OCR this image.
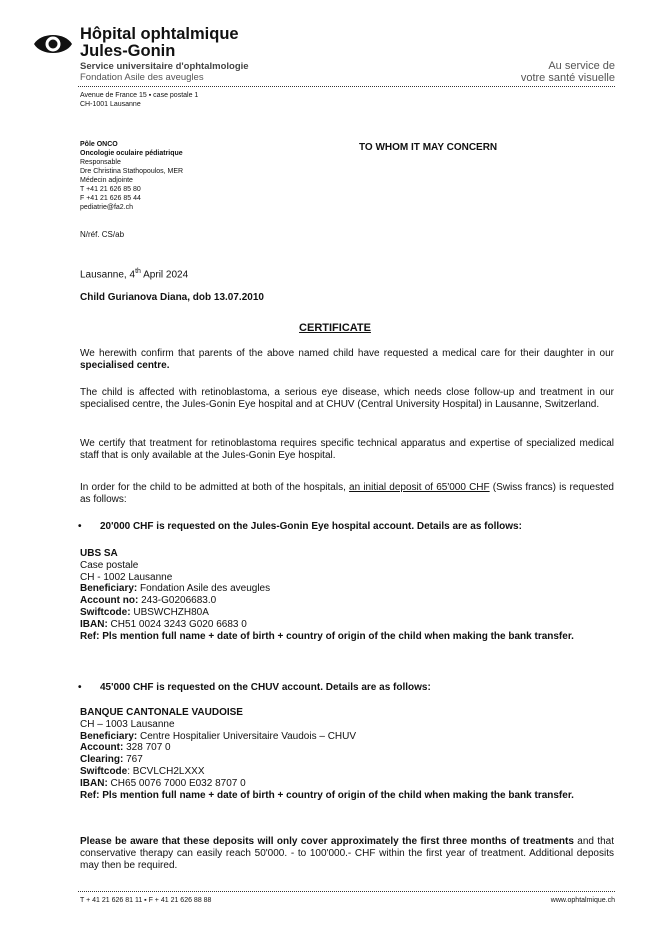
Hôpital ophtalmique
Jules-Gonin
Service universitaire d'ophtalmologie
Fondation Asile des aveugles
Au service de
votre santé visuelle
Avenue de France 15 ▪ case postale 1
CH-1001 Lausanne
Pôle ONCO
Oncologie oculaire pédiatrique
Responsable
Dre Christina Stathopoulos, MER
Médecin adjointe
T +41 21 626 85 80
F +41 21 626 85 44
pediatrie@fa2.ch
TO WHOM IT MAY CONCERN
N/réf. CS/ab
Lausanne, 4th April 2024
Child Gurianova Diana, dob 13.07.2010
CERTIFICATE
We herewith confirm that parents of the above named child have requested a medical care for their daughter in our specialised centre.
The child is affected with retinoblastoma, a serious eye disease, which needs close follow-up and treatment in our specialised centre, the Jules-Gonin Eye hospital and at CHUV (Central University Hospital) in Lausanne, Switzerland.
We certify that treatment for retinoblastoma requires specific technical apparatus and expertise of specialized medical staff that is only available at the Jules-Gonin Eye hospital.
In order for the child to be admitted at both of the hospitals, an initial deposit of 65'000 CHF (Swiss francs) is requested as follows:
• 20'000 CHF is requested on the Jules-Gonin Eye hospital account. Details are as follows:
UBS SA
Case postale
CH - 1002 Lausanne
Beneficiary: Fondation Asile des aveugles
Account no: 243-G0206683.0
Swiftcode: UBSWCHZH80A
IBAN: CH51 0024 3243 G020 6683 0
Ref: Pls mention full name + date of birth + country of origin of the child when making the bank transfer.
• 45'000 CHF is requested on the CHUV account. Details are as follows:
BANQUE CANTONALE VAUDOISE
CH – 1003 Lausanne
Beneficiary: Centre Hospitalier Universitaire Vaudois – CHUV
Account: 328 707 0
Clearing: 767
Swiftcode: BCVLCH2LXXX
IBAN: CH65 0076 7000 E032 8707 0
Ref: Pls mention full name + date of birth + country of origin of the child when making the bank transfer.
Please be aware that these deposits will only cover approximately the first three months of treatments and that conservative therapy can easily reach 50'000. - to 100'000.- CHF within the first year of treatment. Additional deposits may then be required.
T + 41 21 626 81 11 ▪ F + 41 21 626 88 88	www.ophtalmique.ch
